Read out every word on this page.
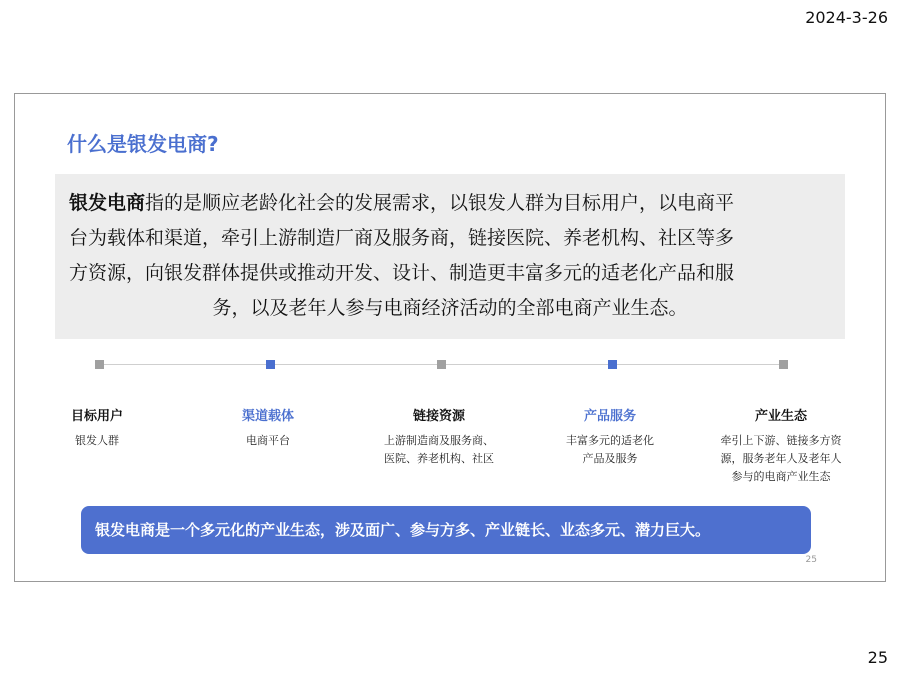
2024-3-26
什么是银发电商?
银发电商指的是顺应老龄化社会的发展需求，以银发人群为目标用户，以电商平
台为载体和渠道，牵引上游制造厂商及服务商，链接医院、养老机构、社区等多
方资源，向银发群体提供或推动开发、设计、制造更丰富多元的适老化产品和服
务，以及老年人参与电商经济活动的全部电商产业生态。
目标用户
银发人群
渠道载体
电商平台
链接资源
上游制造商及服务商、
医院、养老机构、社区
产品服务
丰富多元的适老化
产品及服务
产业生态
牵引上下游、链接多方资
源，服务老年人及老年人
参与的电商产业生态
银发电商是一个多元化的产业生态，涉及面广、参与方多、产业链长、业态多元、潜力巨大。
25
25
